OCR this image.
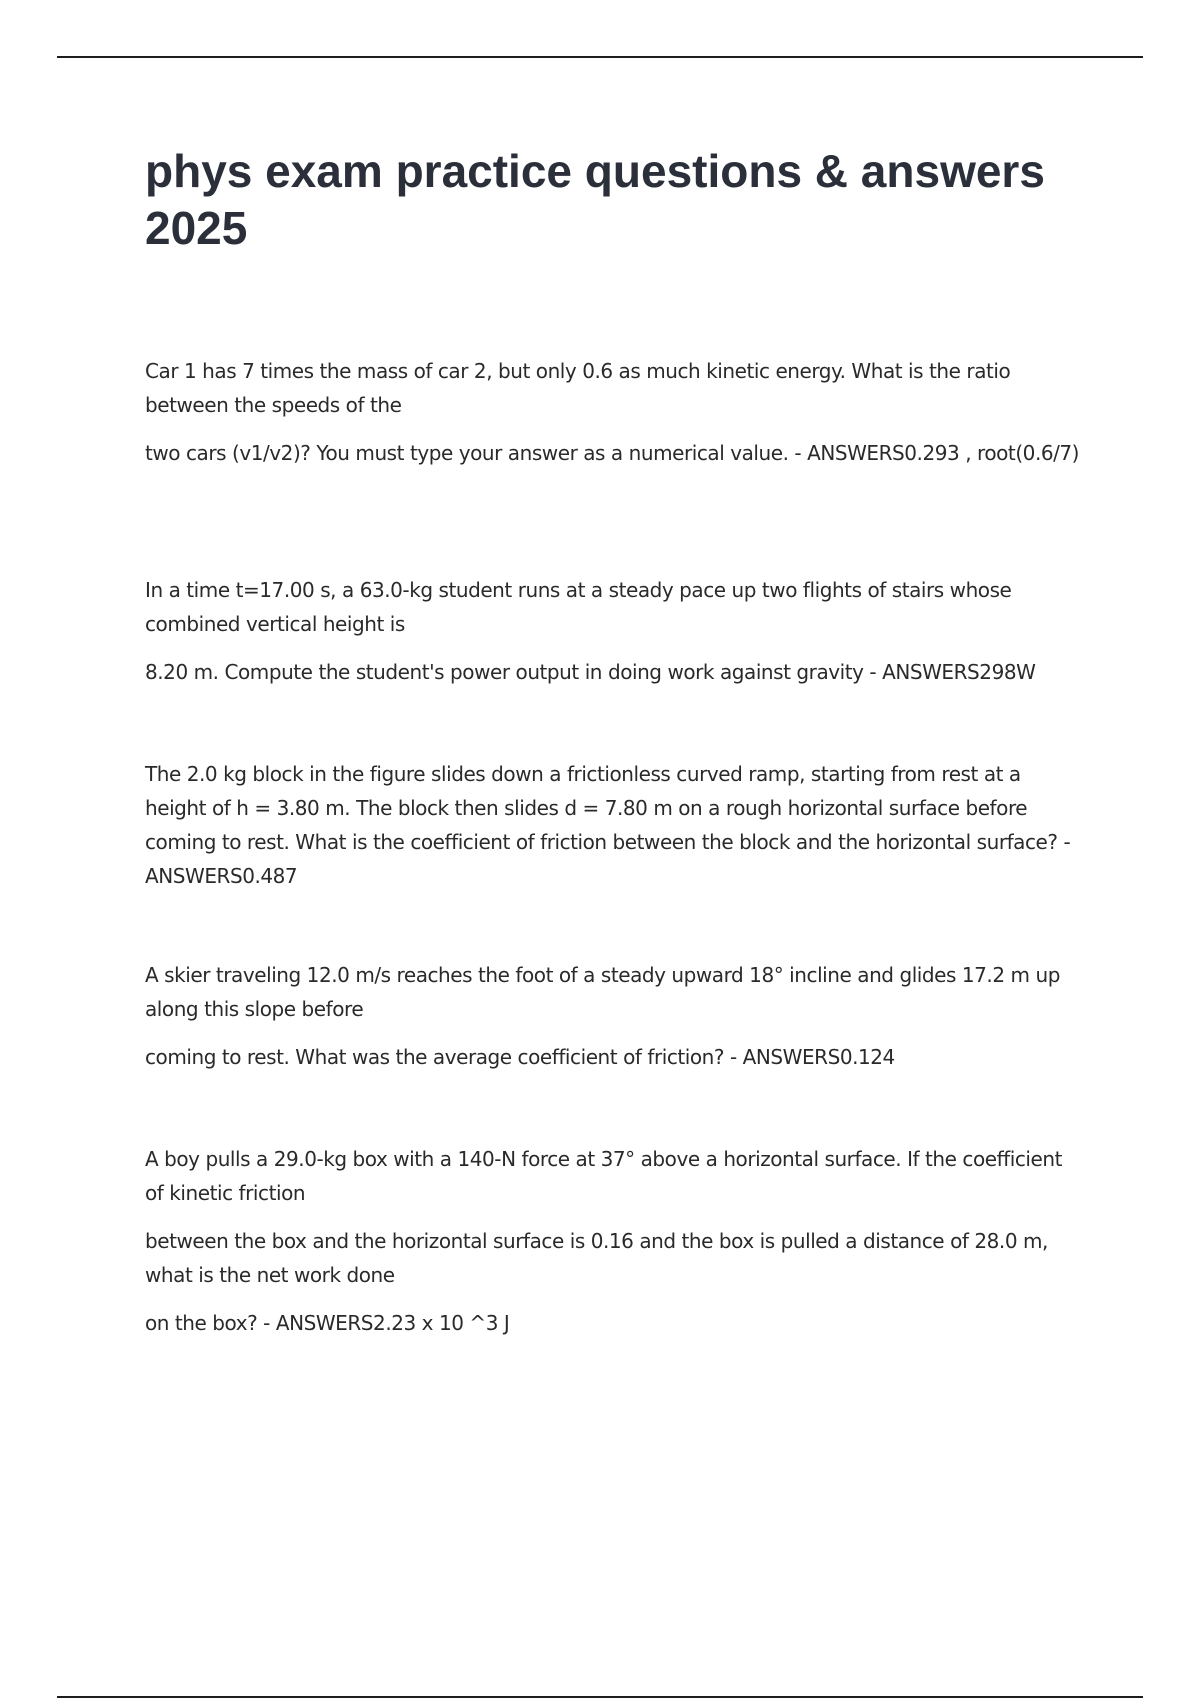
phys exam practice questions & answers 2025

Car 1 has 7 times the mass of car 2, but only 0.6 as much kinetic energy. What is the ratio between the speeds of the

two cars (v1/v2)? You must type your answer as a numerical value. - ANSWERS0.293 , root(0.6/7)

In a time t=17.00 s, a 63.0-kg student runs at a steady pace up two flights of stairs whose combined vertical height is

8.20 m. Compute the student's power output in doing work against gravity - ANSWERS298W

The 2.0 kg block in the figure slides down a frictionless curved ramp, starting from rest at a height of h = 3.80 m. The block then slides d = 7.80 m on a rough horizontal surface before coming to rest. What is the coefficient of friction between the block and the horizontal surface? - ANSWERS0.487

A skier traveling 12.0 m/s reaches the foot of a steady upward 18° incline and glides 17.2 m up along this slope before

coming to rest. What was the average coefficient of friction? - ANSWERS0.124

A boy pulls a 29.0-kg box with a 140-N force at 37° above a horizontal surface. If the coefficient of kinetic friction

between the box and the horizontal surface is 0.16 and the box is pulled a distance of 28.0 m, what is the net work done

on the box? - ANSWERS2.23 x 10 ^3 J
